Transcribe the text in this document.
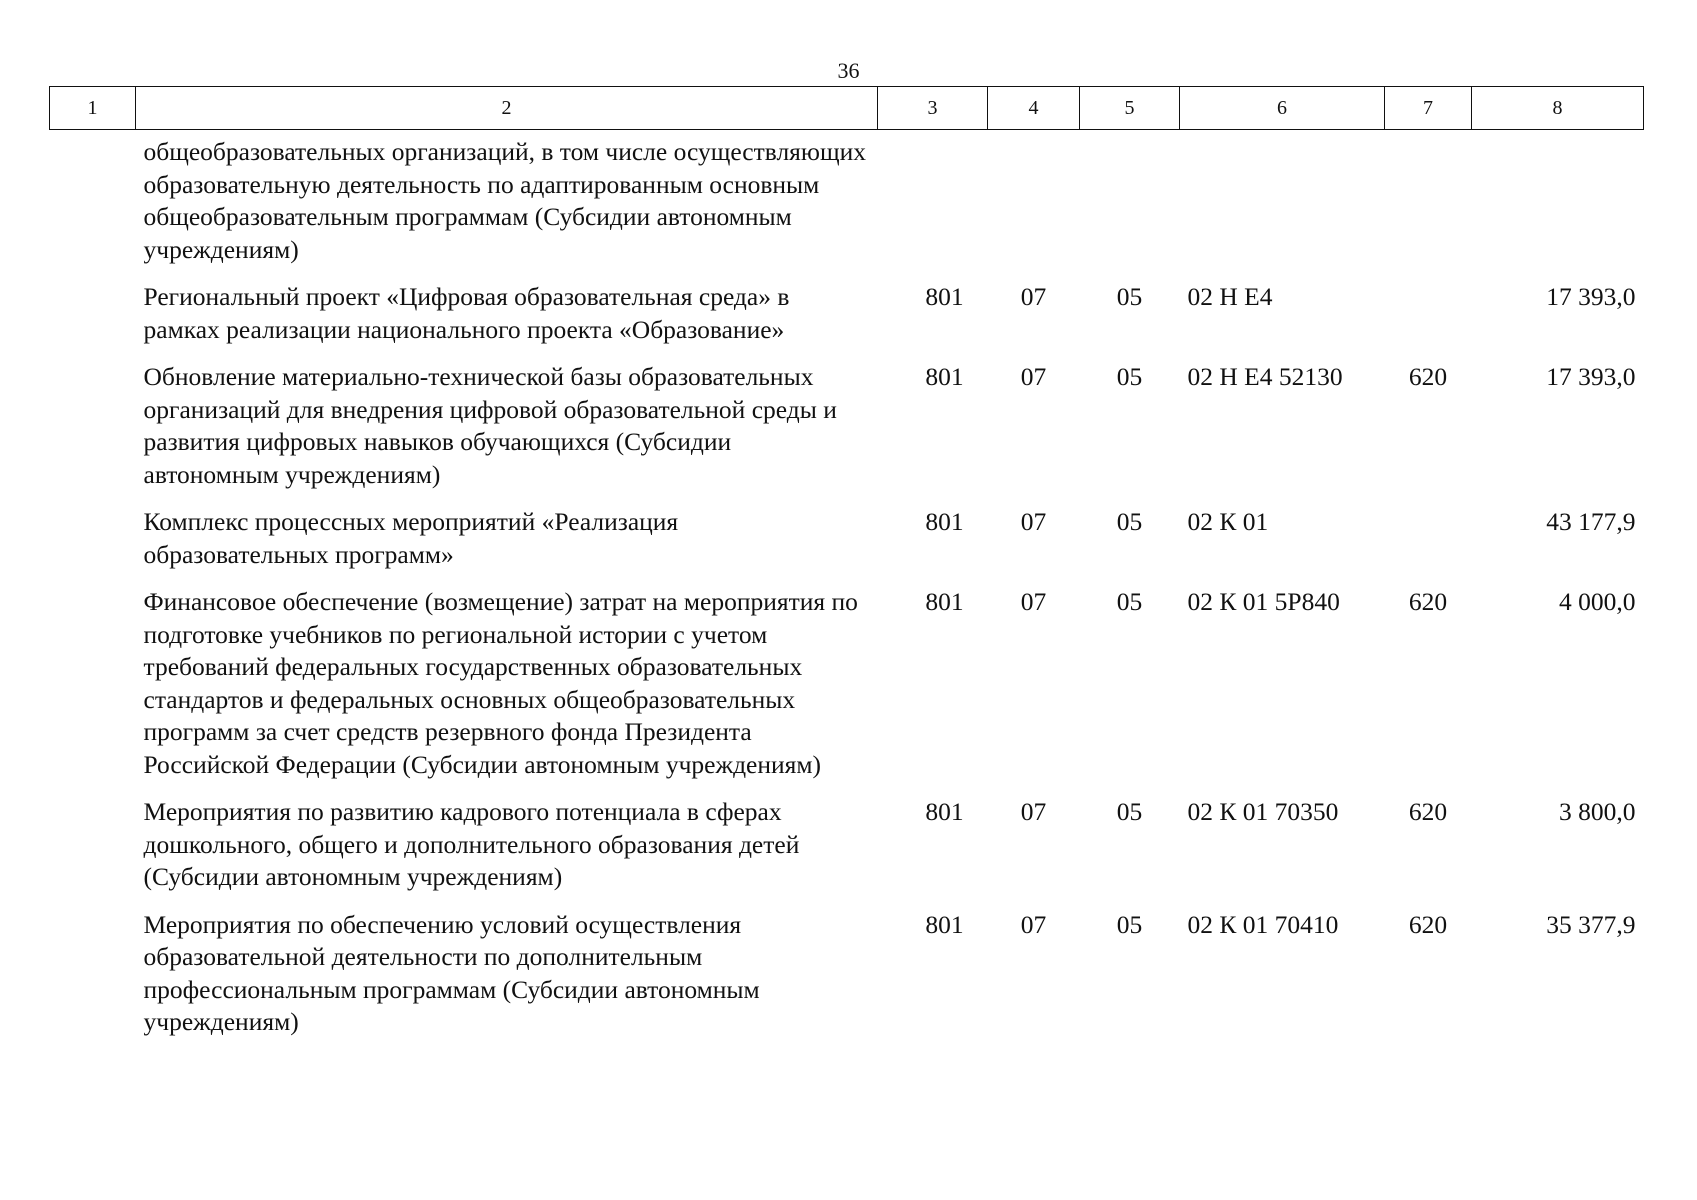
36
1	2	3	4	5	6	7	8
	общеобразовательных организаций, в том числе осуществляющих образовательную деятельность по адаптированным основным общеобразовательным программам (Субсидии автономным учреждениям)						
	Региональный проект «Цифровая образовательная среда» в рамках реализации национального проекта «Образование»	801	07	05	02 Н Е4		17 393,0
	Обновление материально-технической базы образовательных организаций для внедрения цифровой образовательной среды и развития цифровых навыков обучающихся (Субсидии автономным учреждениям)	801	07	05	02 Н Е4 52130	620	17 393,0
	Комплекс процессных мероприятий «Реализация образовательных программ»	801	07	05	02 К 01		43 177,9
	Финансовое обеспечение (возмещение) затрат на мероприятия по подготовке учебников по региональной истории с учетом требований федеральных государственных образовательных стандартов и федеральных основных общеобразовательных программ за счет средств резервного фонда Президента Российской Федерации (Субсидии автономным учреждениям)	801	07	05	02 К 01 5Р840	620	4 000,0
	Мероприятия по развитию кадрового потенциала в сферах дошкольного, общего и дополнительного образования детей (Субсидии автономным учреждениям)	801	07	05	02 К 01 70350	620	3 800,0
	Мероприятия по обеспечению условий осуществления образовательной деятельности по дополнительным профессиональным программам (Субсидии автономным учреждениям)	801	07	05	02 К 01 70410	620	35 377,9
